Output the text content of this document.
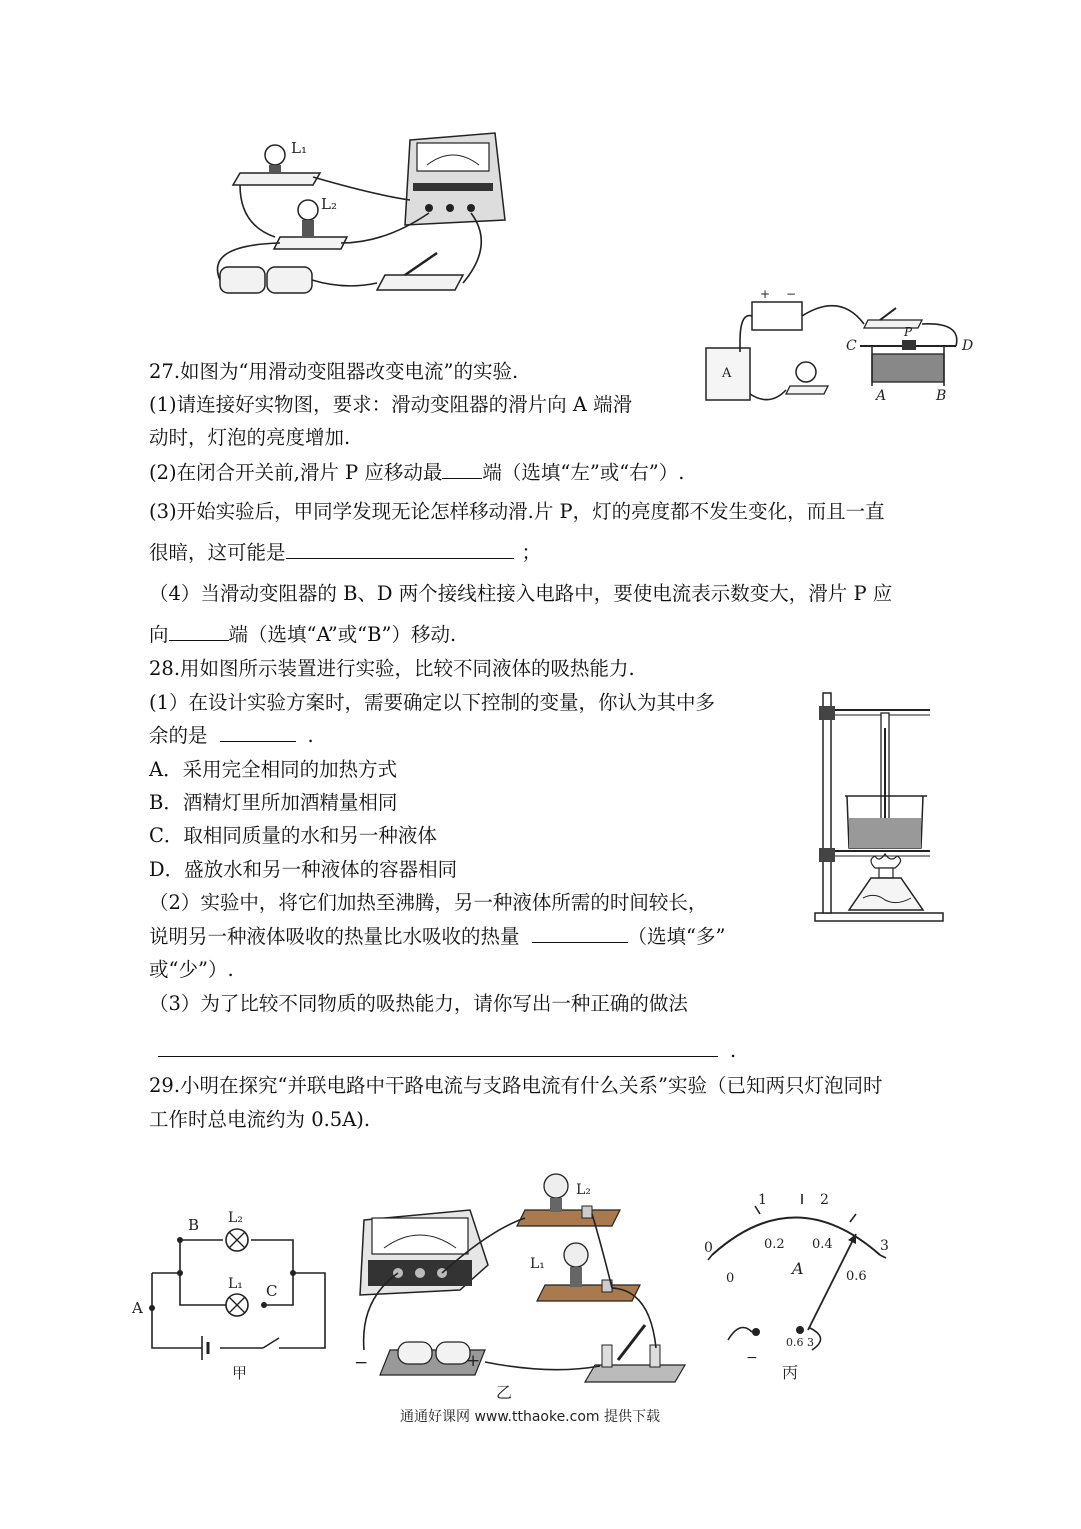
L₁
L₂
+ −
A
C	D
P
A	B
27.如图为“用滑动变阻器改变电流”的实验.
(1)请连接好实物图，要求：滑动变阻器的滑片向 A 端滑
动时，灯泡的亮度增加.
(2)在闭合开关前,滑片 P 应移动最 端（选填“左”或“右”）.
(3)开始实验后，甲同学发现无论怎样移动滑.片 P，灯的亮度都不发生变化，而且一直
很暗，这可能是	；
（4）当滑动变阻器的 B、D 两个接线柱接入电路中，要使电流表示数变大，滑片 P 应
向	端（选填“A”或“B”）移动.
28.用如图所示装置进行实验，比较不同液体的吸热能力.
(1）在设计实验方案时，需要确定以下控制的变量，你认为其中多
余的是	.
A．采用完全相同的加热方式
B．酒精灯里所加酒精量相同
C．取相同质量的水和另一种液体
D．盛放水和另一种液体的容器相同
（2）实验中，将它们加热至沸腾，另一种液体所需的时间较长，
说明另一种液体吸收的热量比水吸收的热量	（选填“多”
或“少”）.
（3）为了比较不同物质的吸热能力，请你写出一种正确的做法
.
29.小明在探究“并联电路中干路电流与支路电流有什么关系”实验（已知两只灯泡同时
工作时总电流约为 0.5A).
B
C
A
L₂
L₁
甲	−	+
L₂
L₁
乙
0
1	2
3
0
0.2 0.4
0.6
A
−
0.6 3
丙
通通好课网 www.tthaoke.com 提供下载
